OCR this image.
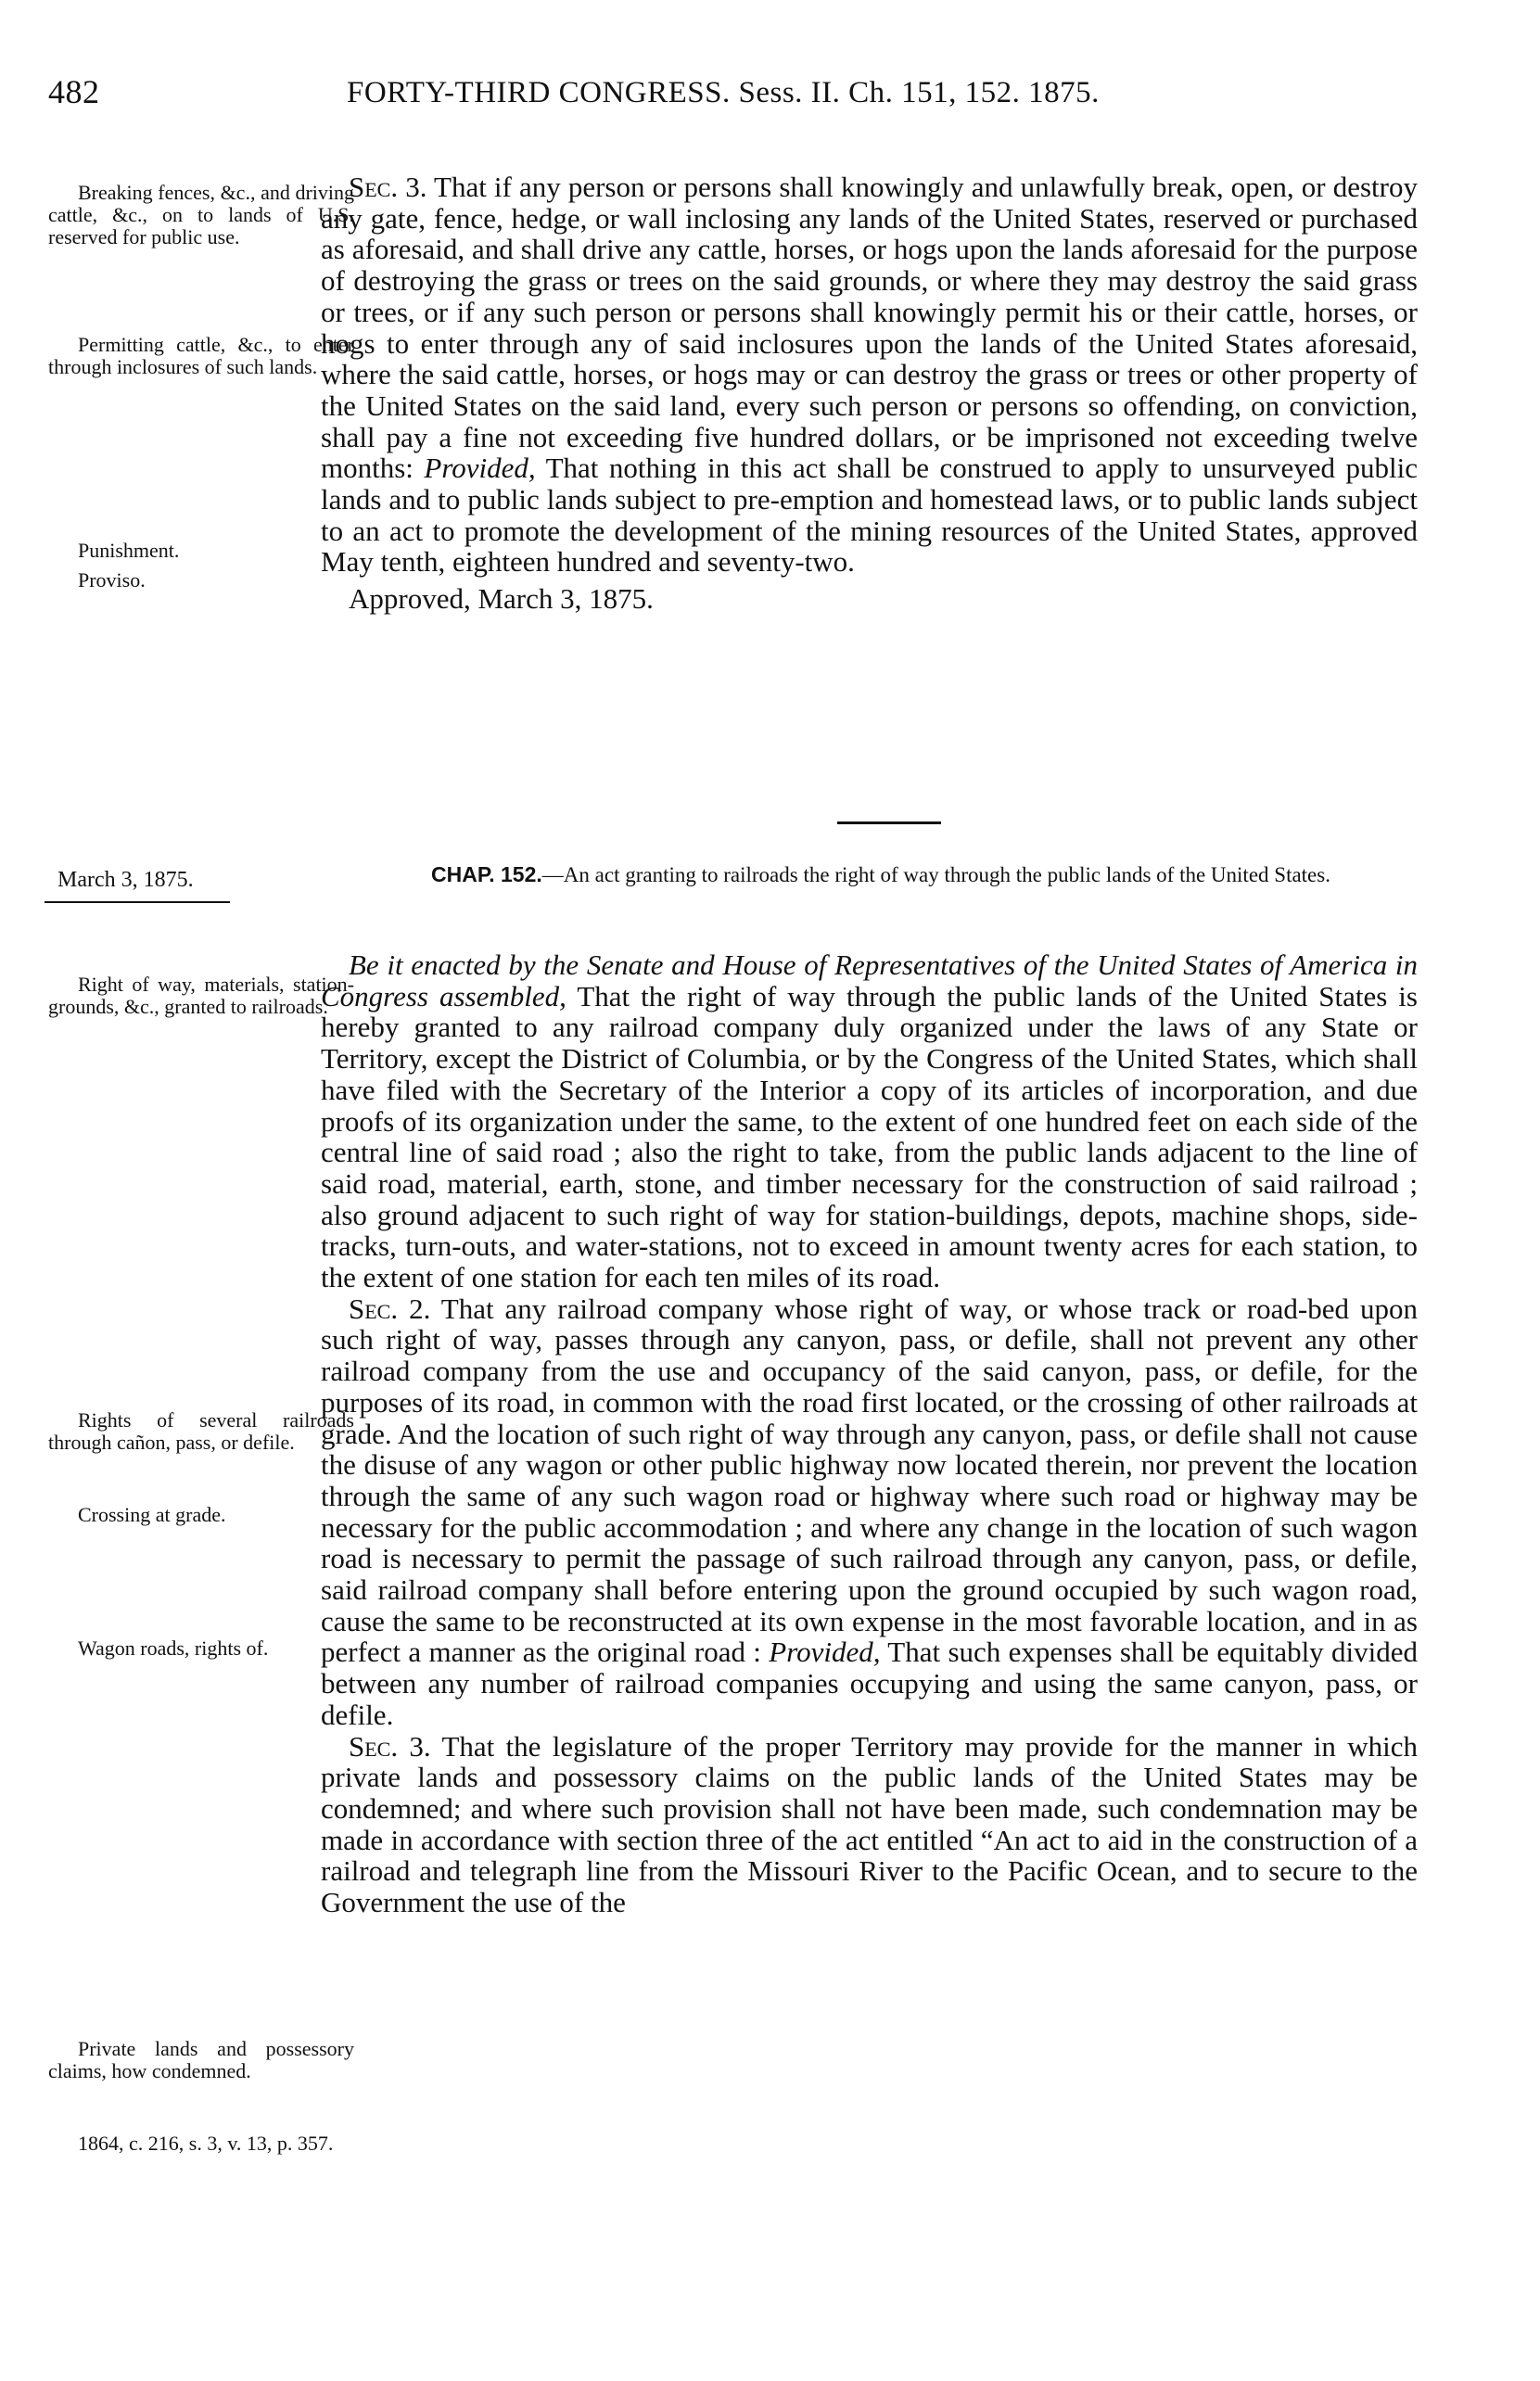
482	FORTY-THIRD CONGRESS. Sess. II. Ch. 151, 152. 1875.
Breaking fences, &c., and driving cattle, &c., on to lands of U.S. reserved for public use.
Permitting cattle, &c., to enter through inclosures of such lands.
Punishment.
Proviso.

Sec. 3. That if any person or persons shall knowingly and unlawfully break, open, or destroy any gate, fence, hedge, or wall inclosing any lands of the United States, reserved or purchased as aforesaid, and shall drive any cattle, horses, or hogs upon the lands aforesaid for the purpose of destroying the grass or trees on the said grounds, or where they may destroy the said grass or trees, or if any such person or persons shall knowingly permit his or their cattle, horses, or hogs to enter through any of said inclosures upon the lands of the United States aforesaid, where the said cattle, horses, or hogs may or can destroy the grass or trees or other property of the United States on the said land, every such person or persons so offending, on conviction, shall pay a fine not exceeding five hundred dollars, or be imprisoned not exceeding twelve months: Provided, That nothing in this act shall be construed to apply to unsurveyed public lands and to public lands subject to pre-emption and homestead laws, or to public lands subject to an act to promote the development of the mining resources of the United States, approved May tenth, eighteen hundred and seventy-two.

Approved, March 3, 1875.

March 3, 1875.	CHAP. 152.—An act granting to railroads the right of way through the public lands of the United States.
Right of way, materials, station-grounds, &c., granted to railroads.
Rights of several railroads through cañon, pass, or defile.
Crossing at grade.
Wagon roads, rights of.
Private lands and possessory claims, how condemned.
1864, c. 216, s. 3, v. 13, p. 357.

Be it enacted by the Senate and House of Representatives of the United States of America in Congress assembled, That the right of way through the public lands of the United States is hereby granted to any railroad company duly organized under the laws of any State or Territory, except the District of Columbia, or by the Congress of the United States, which shall have filed with the Secretary of the Interior a copy of its articles of incorporation, and due proofs of its organization under the same, to the extent of one hundred feet on each side of the central line of said road ; also the right to take, from the public lands adjacent to the line of said road, material, earth, stone, and timber necessary for the construction of said railroad ; also ground adjacent to such right of way for station-buildings, depots, machine shops, side-tracks, turn-outs, and water-stations, not to exceed in amount twenty acres for each station, to the extent of one station for each ten miles of its road.

Sec. 2. That any railroad company whose right of way, or whose track or road-bed upon such right of way, passes through any canyon, pass, or defile, shall not prevent any other railroad company from the use and occupancy of the said canyon, pass, or defile, for the purposes of its road, in common with the road first located, or the crossing of other railroads at grade. And the location of such right of way through any canyon, pass, or defile shall not cause the disuse of any wagon or other public highway now located therein, nor prevent the location through the same of any such wagon road or highway where such road or highway may be necessary for the public accommodation ; and where any change in the location of such wagon road is necessary to permit the passage of such railroad through any canyon, pass, or defile, said railroad company shall before entering upon the ground occupied by such wagon road, cause the same to be reconstructed at its own expense in the most favorable location, and in as perfect a manner as the original road : Provided, That such expenses shall be equitably divided between any number of railroad companies occupying and using the same canyon, pass, or defile.

Sec. 3. That the legislature of the proper Territory may provide for the manner in which private lands and possessory claims on the public lands of the United States may be condemned; and where such provision shall not have been made, such condemnation may be made in accordance with section three of the act entitled “An act to aid in the construction of a railroad and telegraph line from the Missouri River to the Pacific Ocean, and to secure to the Government the use of the
